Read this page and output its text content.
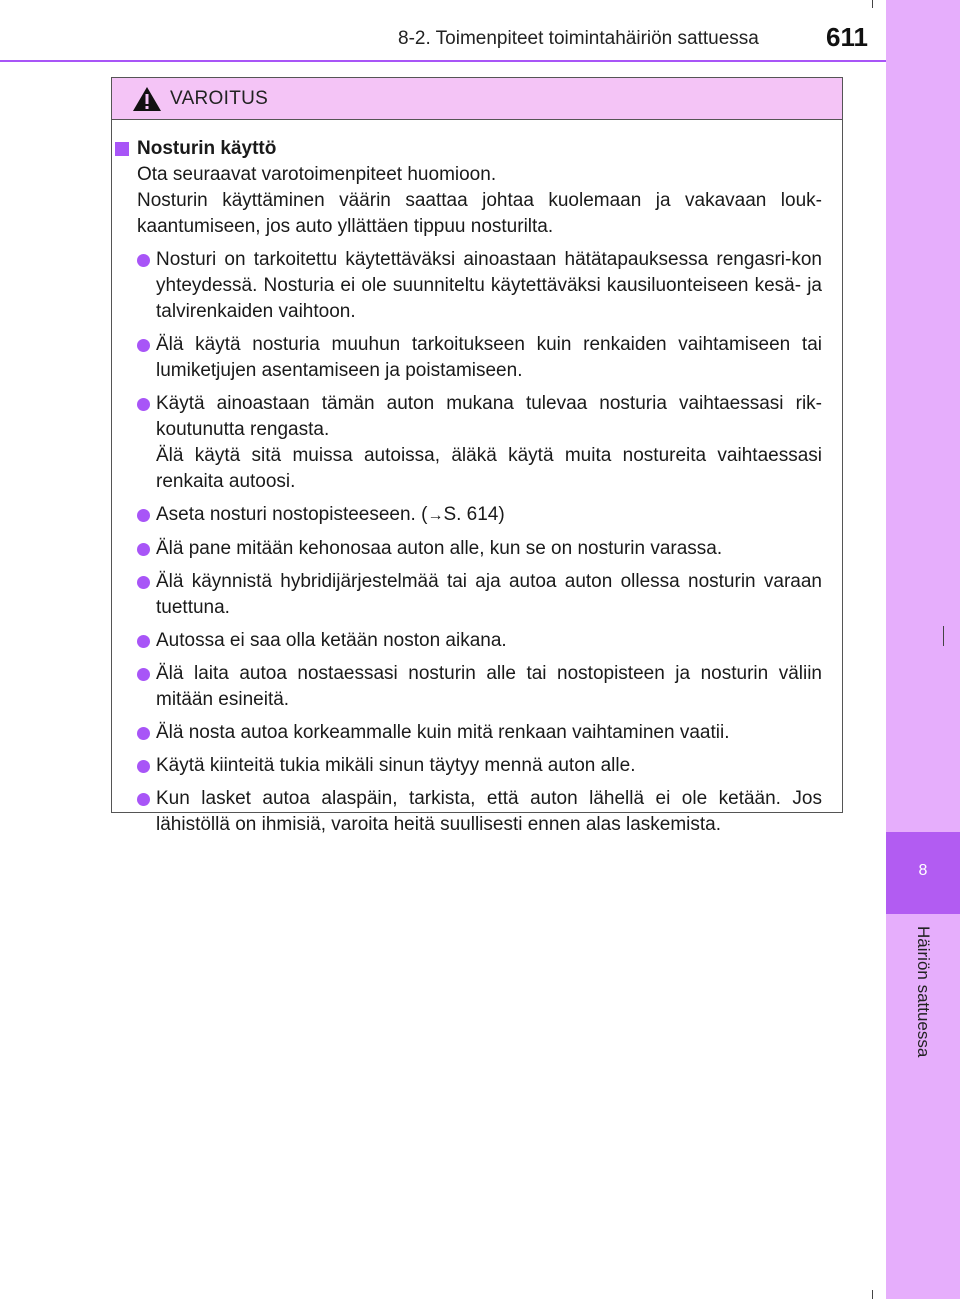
8-2. Toimenpiteet toimintahäiriön sattuessa	611
8
Häiriön sattuessa
VAROITUS
Nosturin käyttö
Ota seuraavat varotoimenpiteet huomioon.
Nosturin käyttäminen väärin saattaa johtaa kuolemaan ja vakavaan louk-kaantumiseen, jos auto yllättäen tippuu nosturilta.
Nosturi on tarkoitettu käytettäväksi ainoastaan hätätapauksessa rengasri-kon yhteydessä. Nosturia ei ole suunniteltu käytettäväksi kausiluonteiseen kesä- ja talvirenkaiden vaihtoon.
Älä käytä nosturia muuhun tarkoitukseen kuin renkaiden vaihtamiseen tai lumiketjujen asentamiseen ja poistamiseen.
Käytä ainoastaan tämän auton mukana tulevaa nosturia vaihtaessasi rik-koutunutta rengasta.
Älä käytä sitä muissa autoissa, äläkä käytä muita nostureita vaihtaessasi renkaita autoosi.
Aseta nosturi nostopisteeseen. (→S. 614)
Älä pane mitään kehonosaa auton alle, kun se on nosturin varassa.
Älä käynnistä hybridijärjestelmää tai aja autoa auton ollessa nosturin varaan tuettuna.
Autossa ei saa olla ketään noston aikana.
Älä laita autoa nostaessasi nosturin alle tai nostopisteen ja nosturin väliin mitään esineitä.
Älä nosta autoa korkeammalle kuin mitä renkaan vaihtaminen vaatii.
Käytä kiinteitä tukia mikäli sinun täytyy mennä auton alle.
Kun lasket autoa alaspäin, tarkista, että auton lähellä ei ole ketään. Jos lähistöllä on ihmisiä, varoita heitä suullisesti ennen alas laskemista.
